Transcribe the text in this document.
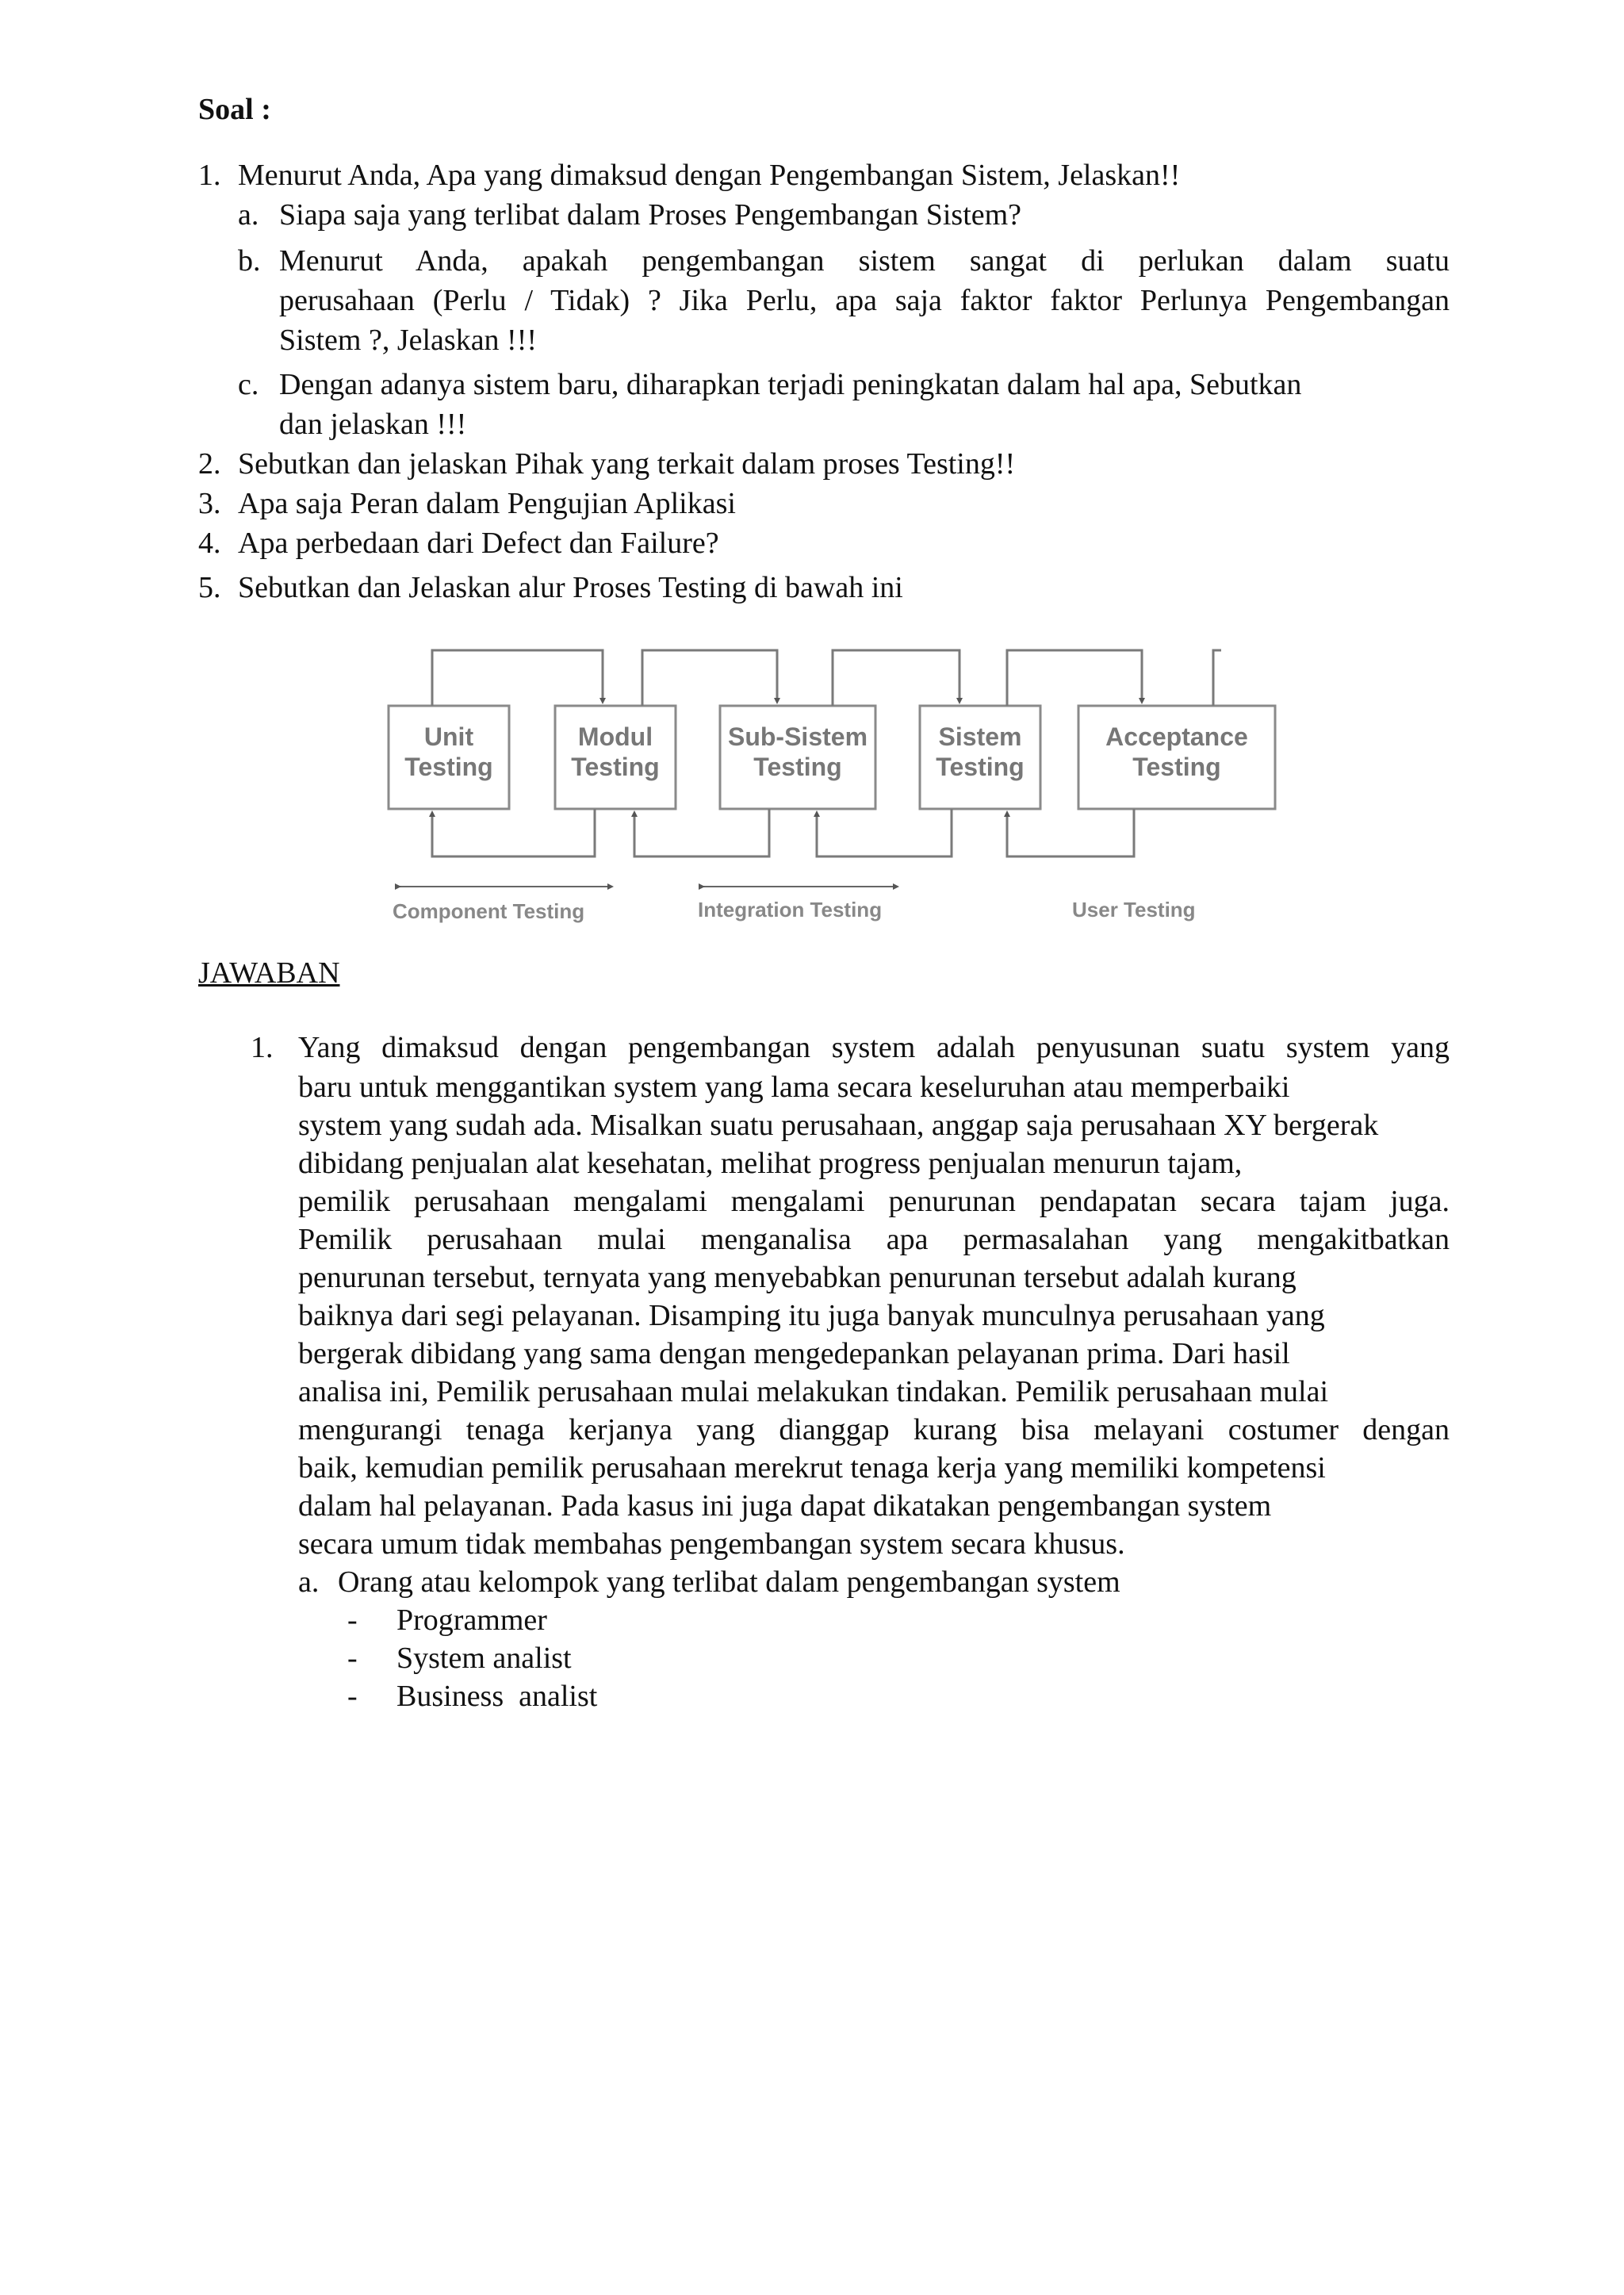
Soal :
1. Menurut Anda, Apa yang dimaksud dengan Pengembangan Sistem, Jelaskan!!
a. Siapa saja yang terlibat dalam Proses Pengembangan Sistem?
b. Menurut Anda, apakah pengembangan sistem sangat di perlukan dalam suatu
perusahaan (Perlu / Tidak) ? Jika Perlu, apa saja faktor faktor Perlunya Pengembangan
Sistem ?, Jelaskan !!!
c. Dengan adanya sistem baru, diharapkan terjadi peningkatan dalam hal apa, Sebutkan
dan jelaskan !!!
2. Sebutkan dan jelaskan Pihak yang terkait dalam proses Testing!!
3. Apa saja Peran dalam Pengujian Aplikasi
4. Apa perbedaan dari Defect dan Failure?
5. Sebutkan dan Jelaskan alur Proses Testing di bawah ini
Unit
Testing
Modul
Testing
Sub-Sistem
Testing
Sistem
Testing
Acceptance
Testing
Component Testing	Integration Testing	User Testing
JAWABAN
1. Yang dimaksud dengan pengembangan system adalah penyusunan suatu system yang
baru untuk menggantikan system yang lama secara keseluruhan atau memperbaiki
system yang sudah ada. Misalkan suatu perusahaan, anggap saja perusahaan XY bergerak
dibidang penjualan alat kesehatan, melihat progress penjualan menurun tajam,
pemilik perusahaan mengalami mengalami penurunan pendapatan secara tajam juga.
Pemilik perusahaan mulai menganalisa apa permasalahan yang mengakitbatkan
penurunan tersebut, ternyata yang menyebabkan penurunan tersebut adalah kurang
baiknya dari segi pelayanan. Disamping itu juga banyak munculnya perusahaan yang
bergerak dibidang yang sama dengan mengedepankan pelayanan prima. Dari hasil
analisa ini, Pemilik perusahaan mulai melakukan tindakan. Pemilik perusahaan mulai
mengurangi tenaga kerjanya yang dianggap kurang bisa melayani costumer dengan
baik, kemudian pemilik perusahaan merekrut tenaga kerja yang memiliki kompetensi
dalam hal pelayanan. Pada kasus ini juga dapat dikatakan pengembangan system
secara umum tidak membahas pengembangan system secara khusus.
a. Orang atau kelompok yang terlibat dalam pengembangan system
- Programmer
- System analist
- Business  analist
